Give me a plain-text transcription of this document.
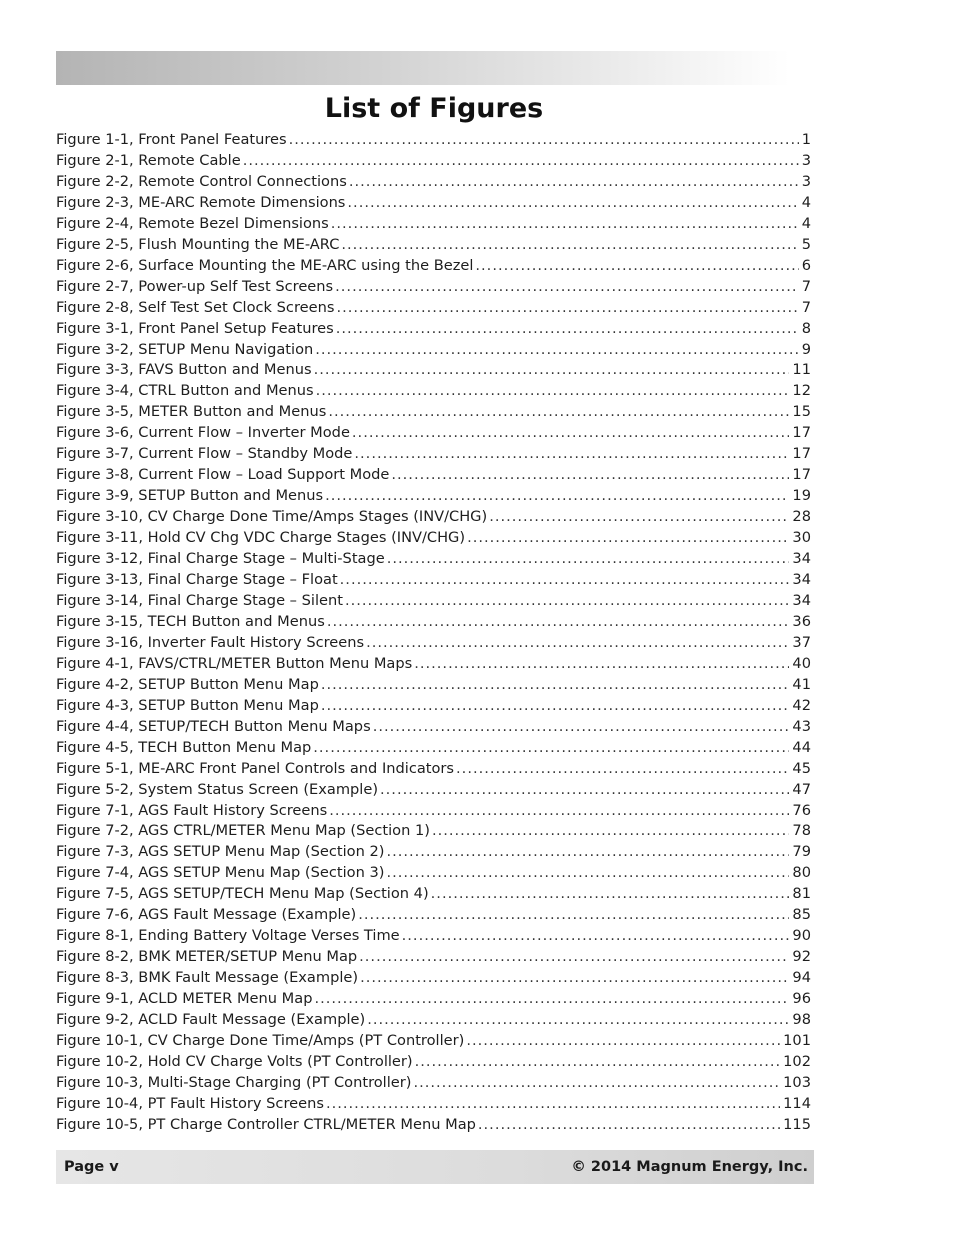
List of Figures
Figure 1-1, Front Panel Features .....	1
Figure 2-1, Remote Cable .....	3
Figure 2-2, Remote Control Connections .....	3
Figure 2-3, ME-ARC Remote Dimensions .....	4
Figure 2-4, Remote Bezel Dimensions .....	4
Figure 2-5, Flush Mounting the ME-ARC .....	5
Figure 2-6, Surface Mounting the ME-ARC using the Bezel .....	6
Figure 2-7, Power-up Self Test Screens .....	7
Figure 2-8, Self Test Set Clock Screens .....	7
Figure 3-1, Front Panel Setup Features .....	8
Figure 3-2, SETUP Menu Navigation .....	9
Figure 3-3, FAVS Button and Menus .....	11
Figure 3-4, CTRL Button and Menus .....	12
Figure 3-5, METER Button and Menus .....	15
Figure 3-6, Current Flow – Inverter Mode .....	17
Figure 3-7, Current Flow – Standby Mode .....	17
Figure 3-8, Current Flow – Load Support Mode .....	17
Figure 3-9, SETUP Button and Menus .....	19
Figure 3-10, CV Charge Done Time/Amps Stages (INV/CHG) .....	28
Figure 3-11, Hold CV Chg VDC Charge Stages (INV/CHG) .....	30
Figure 3-12, Final Charge Stage – Multi-Stage .....	34
Figure 3-13, Final Charge Stage – Float .....	34
Figure 3-14, Final Charge Stage – Silent .....	34
Figure 3-15, TECH Button and Menus .....	36
Figure 3-16, Inverter Fault History Screens .....	37
Figure 4-1, FAVS/CTRL/METER Button Menu Maps .....	40
Figure 4-2, SETUP Button Menu Map .....	41
Figure 4-3, SETUP Button Menu Map .....	42
Figure 4-4, SETUP/TECH Button Menu Maps .....	43
Figure 4-5, TECH Button Menu Map .....	44
Figure 5-1, ME-ARC Front Panel Controls and Indicators .....	45
Figure 5-2, System Status Screen (Example) .....	47
Figure 7-1, AGS Fault History Screens .....	76
Figure 7-2, AGS CTRL/METER Menu Map (Section 1) .....	78
Figure 7-3, AGS SETUP Menu Map (Section 2) .....	79
Figure 7-4, AGS SETUP Menu Map (Section 3) .....	80
Figure 7-5, AGS SETUP/TECH Menu Map (Section 4) .....	81
Figure 7-6, AGS Fault Message (Example) .....	85
Figure 8-1, Ending Battery Voltage Verses Time .....	90
Figure 8-2, BMK METER/SETUP Menu Map .....	92
Figure 8-3, BMK Fault Message (Example) .....	94
Figure 9-1, ACLD METER Menu Map .....	96
Figure 9-2, ACLD Fault Message (Example) .....	98
Figure 10-1, CV Charge Done Time/Amps (PT Controller) .....	101
Figure 10-2, Hold CV Charge Volts (PT Controller) .....	102
Figure 10-3, Multi-Stage Charging (PT Controller) .....	103
Figure 10-4, PT Fault History Screens .....	114
Figure 10-5, PT Charge Controller CTRL/METER Menu Map .....	115
Page v	© 2014 Magnum Energy, Inc.
